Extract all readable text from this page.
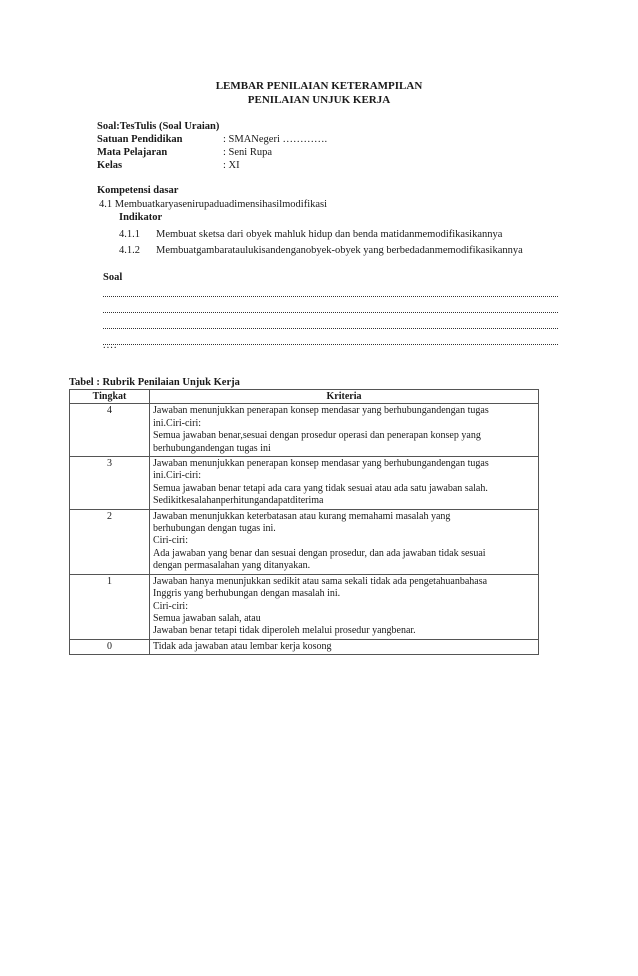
LEMBAR PENILAIAN KETERAMPILAN
PENILAIAN UNJUK KERJA
Soal:TesTulis (Soal Uraian)
Satuan Pendidikan	: SMANegeri ………….
Mata Pelajaran	: Seni Rupa
Kelas	: XI
Kompetensi dasar
4.1 Membuatkaryasenirupaduadimensihasilmodifikasi
Indikator
4.1.1 Membuat sketsa dari obyek mahluk hidup dan benda matidanmemodifikasikannya
4.1.2 Membuatgambarataulukisandenganobyek-obyek yang berbedadanmemodifikasikannya
Soal
....
Tabel : Rubrik Penilaian Unjuk Kerja
Tingkat	Kriteria
4	Jawaban menunjukkan penerapan konsep mendasar yang berhubungandengan tugas
ini.Ciri-ciri:
Semua jawaban benar,sesuai dengan prosedur operasi dan penerapan konsep yang
berhubungandengan tugas ini

3	Jawaban menunjukkan penerapan konsep mendasar yang berhubungandengan tugas
ini.Ciri-ciri:
Semua jawaban benar tetapi ada cara yang tidak sesuai atau ada satu jawaban salah.
Sedikitkesalahanperhitungandapatditerima

2	Jawaban menunjukkan keterbatasan atau kurang memahami masalah yang
berhubungan dengan tugas ini.
Ciri-ciri:
Ada jawaban yang benar dan sesuai dengan prosedur, dan ada jawaban tidak sesuai
dengan permasalahan yang ditanyakan.

1	Jawaban hanya menunjukkan sedikit atau sama sekali tidak ada pengetahuanbahasa
Inggris yang berhubungan dengan masalah ini.
Ciri-ciri:
Semua jawaban salah, atau
Jawaban benar tetapi tidak diperoleh melalui prosedur yangbenar.

0	Tidak ada jawaban atau lembar kerja kosong
